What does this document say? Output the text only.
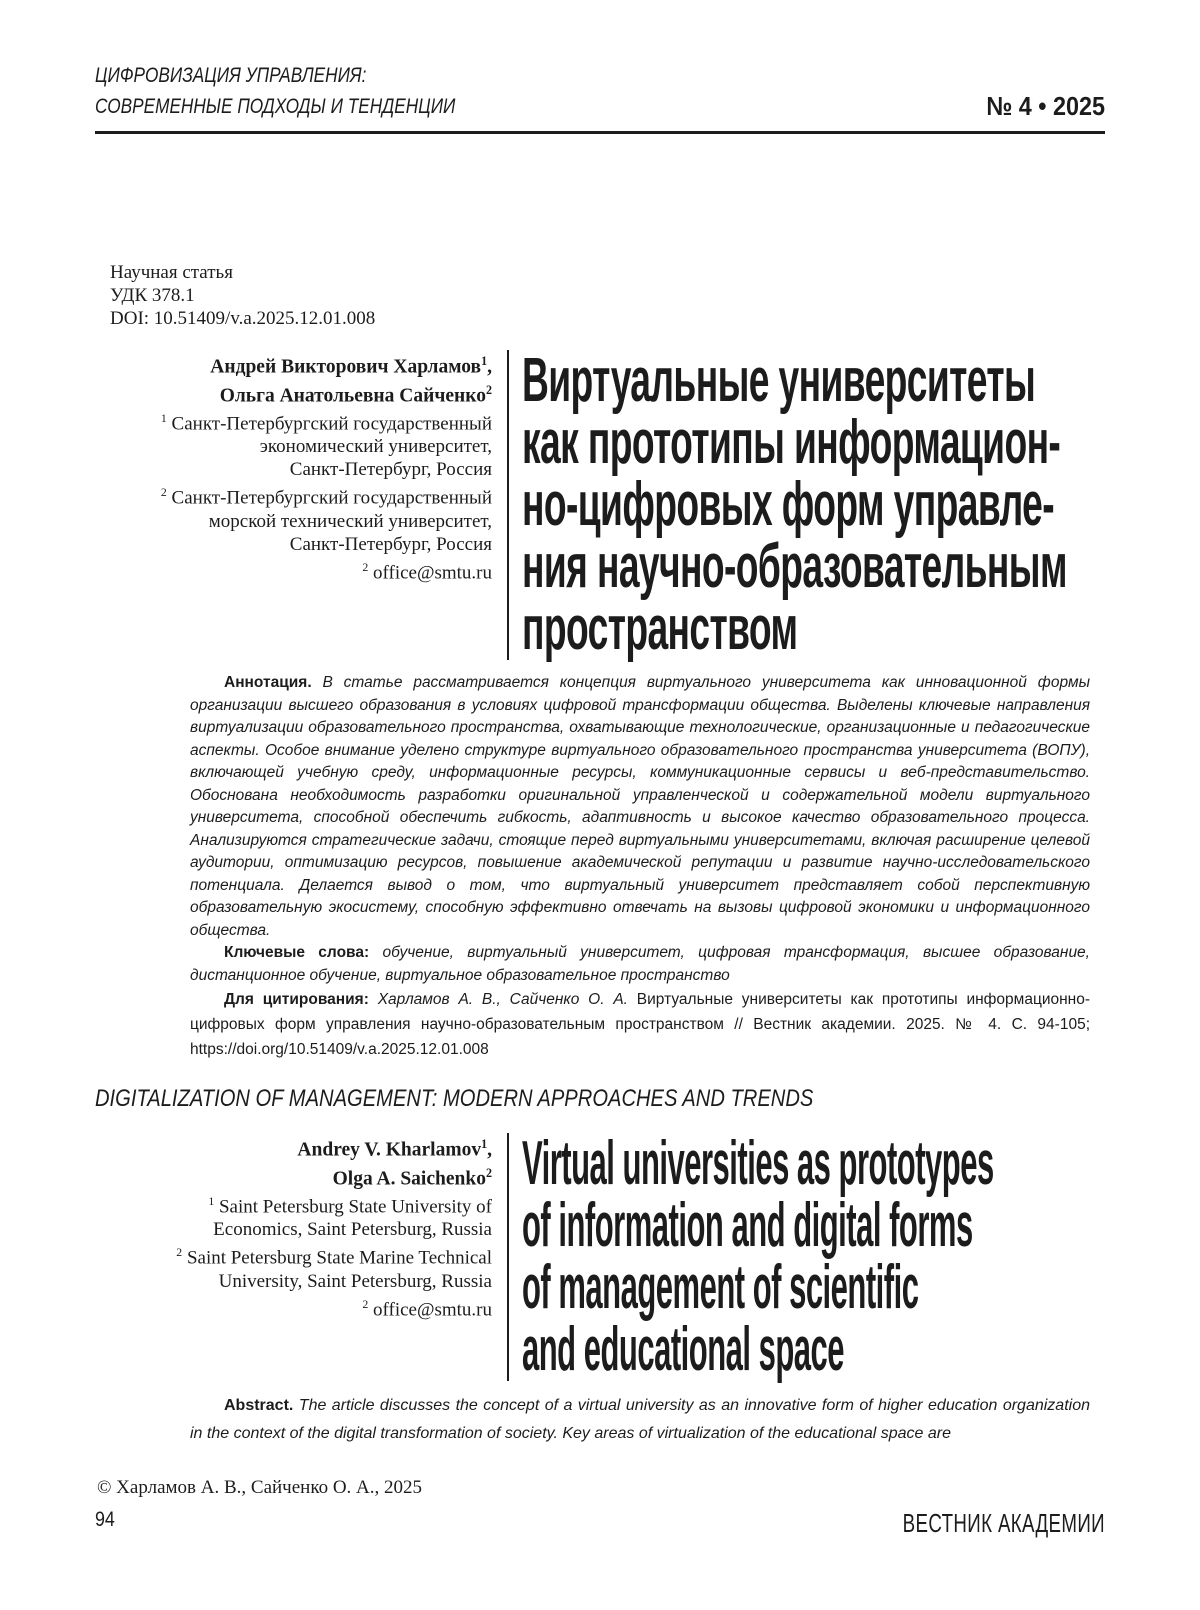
ЦИФРОВИЗАЦИЯ УПРАВЛЕНИЯ:
СОВРЕМЕННЫЕ ПОДХОДЫ И ТЕНДЕНЦИИ	№ 4 • 2025
Научная статья
УДК 378.1
DOI: 10.51409/v.a.2025.12.01.008
Андрей Викторович Харламов$^1$,
Ольга Анатольевна Сайченко$^2$
$^1$ Санкт-Петербургский государственный
экономический университет,
Санкт-Петербург, Россия
$^2$ Санкт-Петербургский государственный
морской технический университет,
Санкт-Петербург, Россия
$^2$ office@smtu.ru
Виртуальные университеты
как прототипы информацион-
но-цифровых форм управле-
ния научно-образовательным
пространством

Аннотация. В статье рассматривается концепция виртуального университета как инновационной формы организации высшего образования в условиях цифровой трансформации общества. Выделены ключевые направления виртуализации образовательного пространства, охватывающие технологические, организационные и педагогические аспекты. Особое внимание уделено структуре виртуального образовательного пространства университета (ВОПУ), включающей учебную среду, информационные ресурсы, коммуникационные сервисы и веб-представительство. Обоснована необходимость разработки оригинальной управленческой и содержательной модели виртуального университета, способной обеспечить гибкость, адаптивность и высокое качество образовательного процесса. Анализируются стратегические задачи, стоящие перед виртуальными университетами, включая расширение целевой аудитории, оптимизацию ресурсов, повышение академической репутации и развитие научно-исследовательского потенциала. Делается вывод о том, что виртуальный университет представляет собой перспективную образовательную экосистему, способную эффективно отвечать на вызовы цифровой экономики и информационного общества.

Ключевые слова: обучение, виртуальный университет, цифровая трансформация, высшее образование, дистанционное обучение, виртуальное образовательное пространство

Для цитирования: Харламов А. В., Сайченко О. А. Виртуальные университеты как прототипы информационно-цифровых форм управления научно-образовательным пространством // Вестник академии. 2025. № 4. С. 94-105; https://doi.org/10.51409/v.a.2025.12.01.008

DIGITALIZATION OF MANAGEMENT: MODERN APPROACHES AND TRENDS
Andrey V. Kharlamov$^1$,
Olga A. Saichenko$^2$
$^1$ Saint Petersburg State University of
Economics, Saint Petersburg, Russia
$^2$ Saint Petersburg State Marine Technical
University, Saint Petersburg, Russia
$^2$ office@smtu.ru
Virtual universities as prototypes
of information and digital forms
of management of scientific
and educational space

Abstract. The article discusses the concept of a virtual university as an innovative form of higher education organization in the context of the digital transformation of society. Key areas of virtualization of the educational space are

© Харламов А. В., Сайченко О. А., 2025
94	ВЕСТНИК АКАДЕМИИ
